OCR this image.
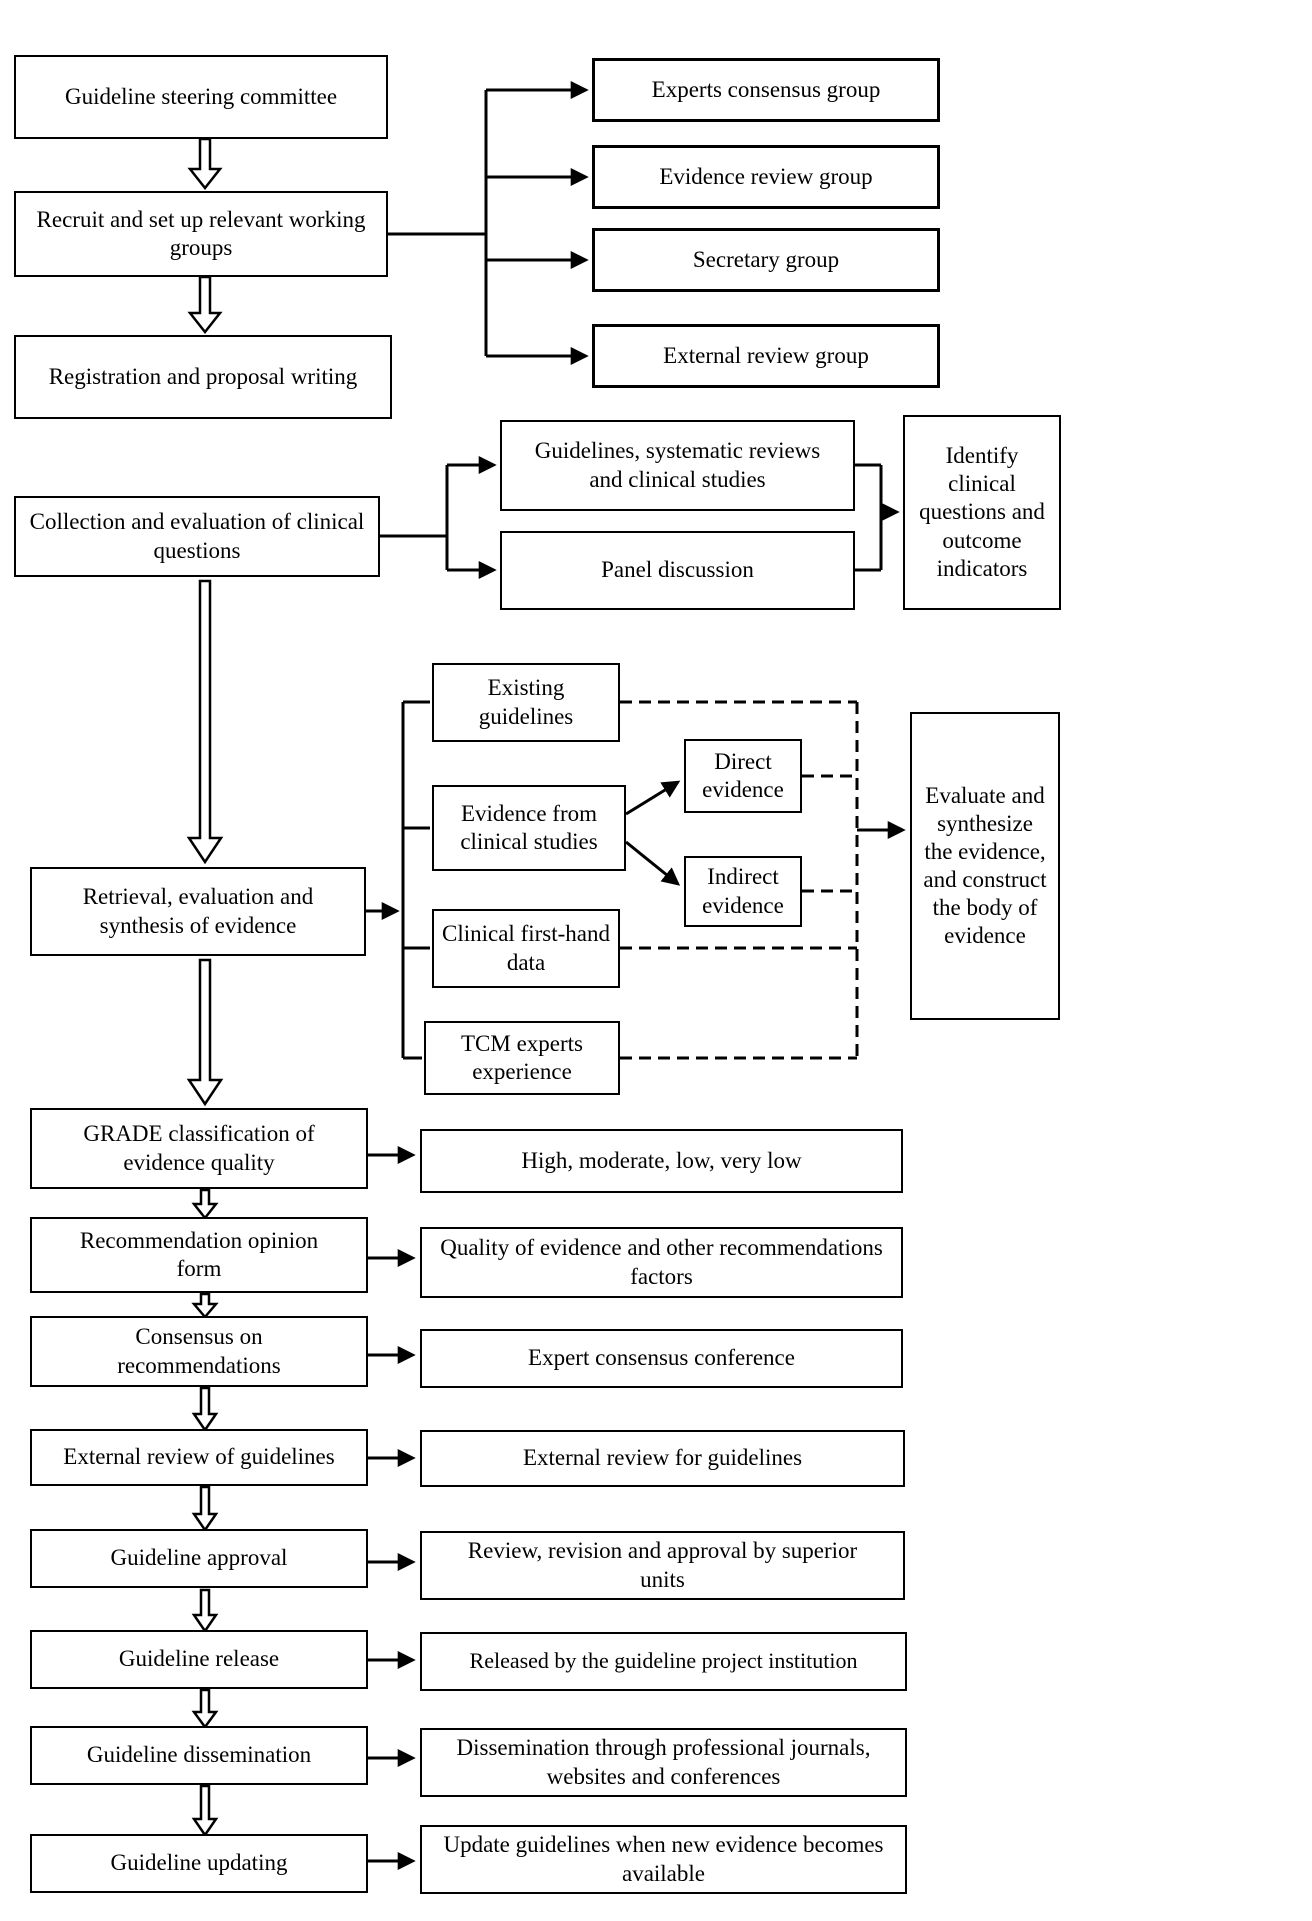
Guideline steering committee
Recruit and set up relevant working groups
Registration and proposal writing
Collection and evaluation of clinical questions
Retrieval, evaluation and synthesis of evidence
GRADE classification of evidence quality
Recommendation opinion form
Consensus on recommendations
External review of guidelines
Guideline approval
Guideline release
Guideline dissemination
Guideline updating
Experts consensus group
Evidence review group
Secretary group
External review group
Guidelines, systematic reviews and clinical studies
Panel discussion
Identify clinical questions and outcome indicators
Existing guidelines
Evidence from clinical studies
Direct evidence
Indirect evidence
Clinical first-hand data
TCM experts experience
Evaluate and synthesize the evidence, and construct the body of evidence
High, moderate, low, very low
Quality of evidence and other recommendations factors
Expert consensus conference
External review for guidelines
Review, revision and approval by superior units
Released by the guideline project institution
Dissemination through professional journals, websites and conferences
Update guidelines when new evidence becomes available
